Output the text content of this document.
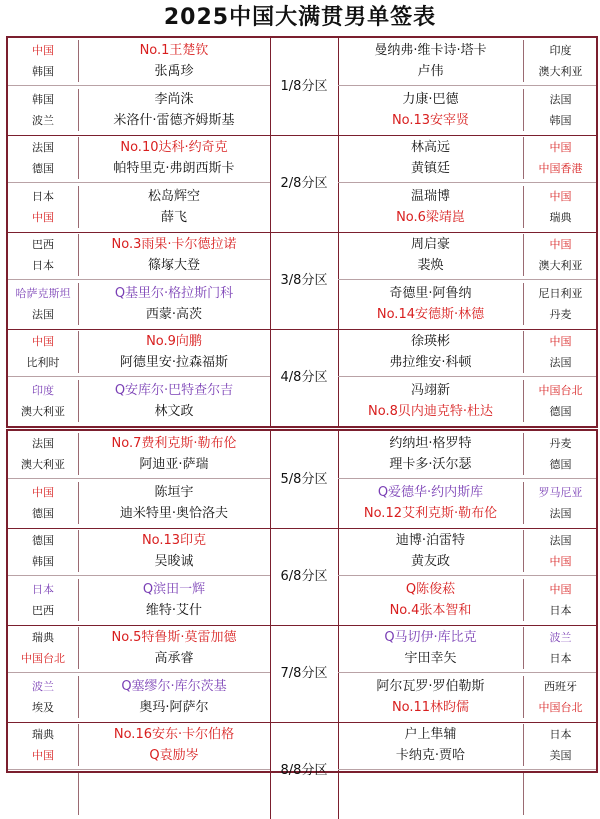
2025中国大满贯男单签表
1/8分区
中国	No.1王楚钦	曼纳弗·维卡诗·塔卡	印度
韩国	张禹珍	卢伟	澳大利亚
韩国	李尚洙	力康·巴德	法国
波兰	米洛什·雷德齐姆斯基	No.13安宰贤	韩国
2/8分区
法国	No.10达科·约奇克	林高远	中国
德国	帕特里克·弗朗西斯卡	黄镇廷	中国香港
日本	松岛辉空	温瑞博	中国
中国	薛飞	No.6梁靖崑	瑞典
3/8分区
巴西	No.3雨果·卡尔德拉诺	周启豪	中国
日本	篠塚大登	裴焕	澳大利亚
哈萨克斯坦	Q基里尔·格拉斯门科	奇德里·阿鲁纳	尼日利亚
法国	西蒙·高茨	No.14安德斯·林德	丹麦
4/8分区
中国	No.9向鹏	徐瑛彬	中国
比利时	阿德里安·拉森福斯	弗拉维安·科顿	法国
印度	Q安库尔·巴特查尔吉	冯翊新	中国台北
澳大利亚	林文政	No.8贝内迪克特·杜达	德国
5/8分区
法国	No.7费利克斯·勒布伦	约纳坦·格罗特	丹麦
澳大利亚	阿迪亚·萨瑞	理卡多·沃尔瑟	德国
中国	陈垣宇	Q爱德华·约内斯库	罗马尼亚
德国	迪米特里·奥恰洛夫	No.12艾利克斯·勒布伦	法国
6/8分区
德国	No.13印克	迪博·泊雷特	法国
韩国	吴晙诚	黄友政	中国
日本	Q滨田一辉	Q陈俊菘	中国
巴西	维特·艾什	No.4张本智和	日本
7/8分区
瑞典	No.5特鲁斯·莫雷加德	Q马切伊·库比克	波兰
中国台北	高承睿	宇田幸矢	日本
波兰	Q塞缪尔·库尔茨基	阿尔瓦罗·罗伯勒斯	西班牙
埃及	奥玛·阿萨尔	No.11林昀儒	中国台北
8/8分区
瑞典	No.16安东·卡尔伯格	户上隼辅	日本
中国	Q袁励岑	卡纳克·贾哈	美国
